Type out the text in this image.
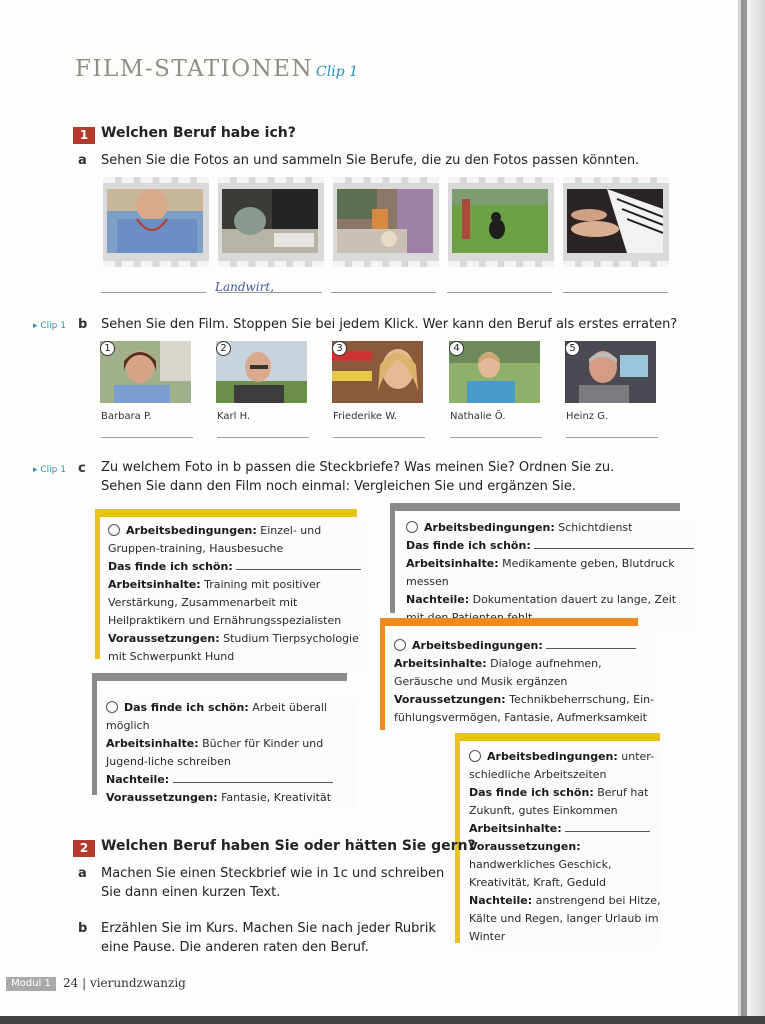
FILM-STATIONEN Clip 1
1 Welchen Beruf habe ich?
a Sehen Sie die Fotos an und sammeln Sie Berufe, die zu den Fotos passen könnten.
Landwirt,
▸ Clip 1 b Sehen Sie den Film. Stoppen Sie bei jedem Klick. Wer kann den Beruf als erstes erraten?
1	2	3	4	5
Barbara P.	Karl H.	Friederike W.	Nathalie Ö.	Heinz G.
▸ Clip 1 c Zu welchem Foto in b passen die Steckbriefe? Was meinen Sie? Ordnen Sie zu.
Sehen Sie dann den Film noch einmal: Vergleichen Sie und ergänzen Sie.
Arbeitsbedingungen: Einzel- und Gruppen-training, Hausbesuche
Das finde ich schön:
Arbeitsinhalte: Training mit positiver Verstärkung, Zusammenarbeit mit Heilpraktikern und Ernährungsspezialisten
Voraussetzungen: Studium Tierpsychologie mit Schwerpunkt Hund
Arbeitsbedingungen: Schichtdienst
Das finde ich schön:
Arbeitsinhalte: Medikamente geben, Blutdruck messen
Nachteile: Dokumentation dauert zu lange, Zeit
Arbeitsbedingungen:
Arbeitsinhalte: Dialoge aufnehmen, Geräusche und Musik ergänzen
Voraussetzungen: Technikbeherrschung, Ein-fühlungsvermögen, Fantasie, Aufmerksamkeit
Das finde ich schön: Arbeit überall möglich
Arbeitsinhalte: Bücher für Kinder und Jugend-liche schreiben
Nachteile:
Voraussetzungen: Fantasie, Kreativität
Arbeitsbedingungen: unter-schiedliche Arbeitszeiten
Das finde ich schön: Beruf hat Zukunft, gutes Einkommen
Arbeitsinhalte:
Voraussetzungen: handwerkliches Geschick, Kreativität, Kraft, Geduld
Nachteile: anstrengend bei Hitze, Kälte und Regen, langer Urlaub im Winter
2 Welchen Beruf haben Sie oder hätten Sie gern?
a Machen Sie einen Steckbrief wie in 1c und schreiben
Sie dann einen kurzen Text.
b Erzählen Sie im Kurs. Machen Sie nach jeder Rubrik
eine Pause. Die anderen raten den Beruf.
Modul 1	24 | vierundzwanzig
